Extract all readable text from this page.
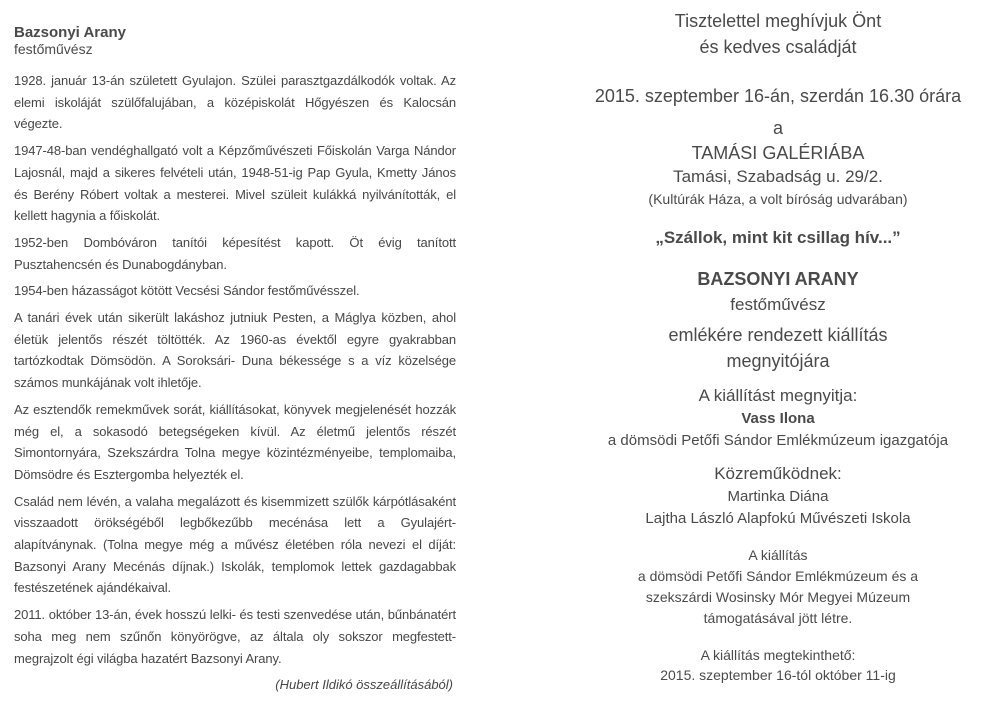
Bazsonyi Arany
festőművész

1928. január 13-án született Gyulajon. Szülei parasztgazdálkodók voltak. Az elemi iskoláját szülőfalujában, a középiskolát Hőgyészen és Kalocsán végezte.

1947-48-ban vendéghallgató volt a Képzőművészeti Főiskolán Varga Nándor Lajosnál, majd a sikeres felvételi után, 1948-51-ig Pap Gyula, Kmetty János és Berény Róbert voltak a mesterei. Mivel szüleit kulákká nyilvánították, el kellett hagynia a főiskolát.

1952-ben Dombóváron tanítói képesítést kapott. Öt évig tanított Pusztahencsén és Dunabogdányban.

1954-ben házasságot kötött Vecsési Sándor festőművésszel.

A tanári évek után sikerült lakáshoz jutniuk Pesten, a Máglya közben, ahol életük jelentős részét töltötték. Az 1960-as évektől egyre gyakrabban tartózkodtak Dömsödön. A Soroksári- Duna békessége s a víz közelsége számos munkájának volt ihletője.

Az esztendők remekművek sorát, kiállításokat, könyvek megjelenését hozzák még el, a sokasodó betegségeken kívül. Az életmű jelentős részét Simontornyára, Szekszárdra Tolna megye közintézményeibe, templomaiba, Dömsödre és Esztergomba helyezték el.

Család nem lévén, a valaha megalázott és kisemmizett szülők kárpótlásaként visszaadott örökségéből legbőkezűbb mecénása lett a Gyulajért-alapítványnak. (Tolna megye még a művész életében róla nevezi el díját: Bazsonyi Arany Mecénás díjnak.) Iskolák, templomok lettek gazdagabbak festészetének ajándékaival.

2011. október 13-án, évek hosszú lelki- és testi szenvedése után, bűnbánatért soha meg nem szűnőn könyörögve, az általa oly sokszor megfestett-megrajzolt égi világba hazatért Bazsonyi Arany.

(Hubert Ildikó összeállításából)
Tisztelettel meghívjuk Önt
és kedves családját
2015. szeptember 16-án, szerdán 16.30 órára
a
TAMÁSI GALÉRIÁBA
Tamási, Szabadság u. 29/2.
(Kultúrák Háza, a volt bíróság udvarában)
„Szállok, mint kit csillag hív...”
BAZSONYI ARANY
festőművész
emlékére rendezett kiállítás
megnyitójára
A kiállítást megnyitja:
Vass Ilona
a dömsödi Petőfi Sándor Emlékmúzeum igazgatója
Közreműködnek:
Martinka Diána
Lajtha László Alapfokú Művészeti Iskola
A kiállítás
a dömsödi Petőfi Sándor Emlékmúzeum és a
szekszárdi Wosinsky Mór Megyei Múzeum
támogatásával jött létre.
A kiállítás megtekinthető:
2015. szeptember 16-tól október 11-ig
